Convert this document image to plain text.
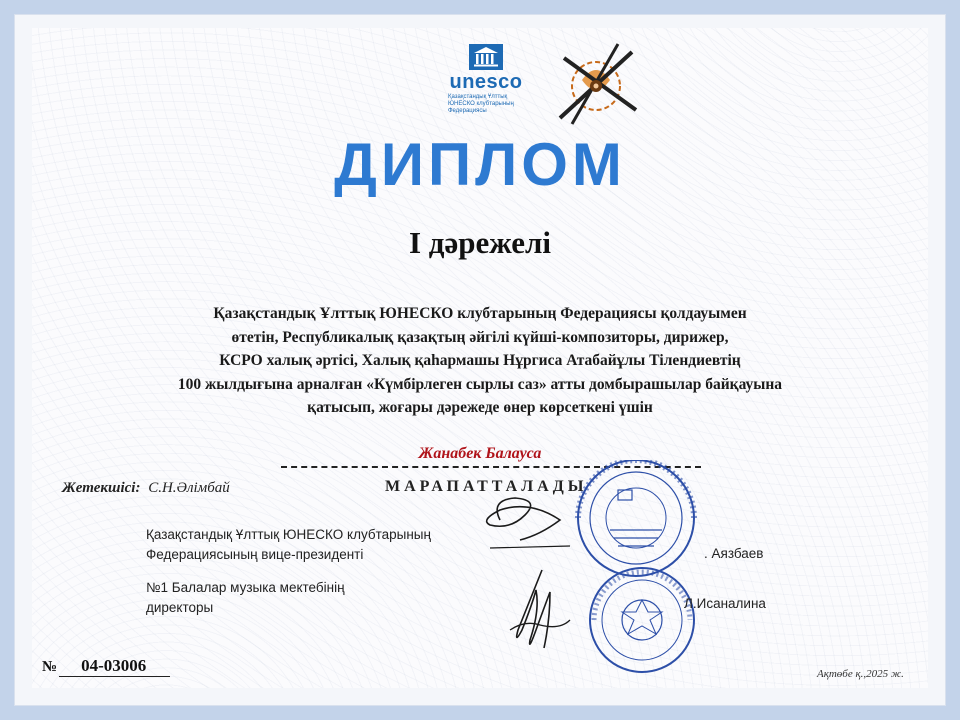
unesco
Қазақстандық Ұлттық
ЮНЕСКО клубтарының
Федерациясы
ДИПЛОМ
І дәрежелі
Қазақстандық Ұлттық ЮНЕСКО клубтарының Федерациясы қолдауымен
өтетін, Республикалық қазақтың әйгілі күйші-композиторы, дирижер,
КСРО халық әртісі, Халық қаһармашы Нұргиса Атабайұлы Тілендиевтің
100 жылдығына арналған «Күмбірлеген сырлы саз» атты домбырашылар байқауына
қатысып, жоғары дәрежеде өнер көрсеткені үшін
Жанабек Балауса
МАРАПАТТАЛАДЫ
Жетекшісі: С.Н.Әлімбай
Қазақстандық Ұлттық ЮНЕСКО клубтарының
Федерациясының вице-президенті	. Аязбаев
№1 Балалар музыка мектебінің
директоры	Л.Исаналина
№ 04-03006	Ақтөбе қ.,2025 ж.
